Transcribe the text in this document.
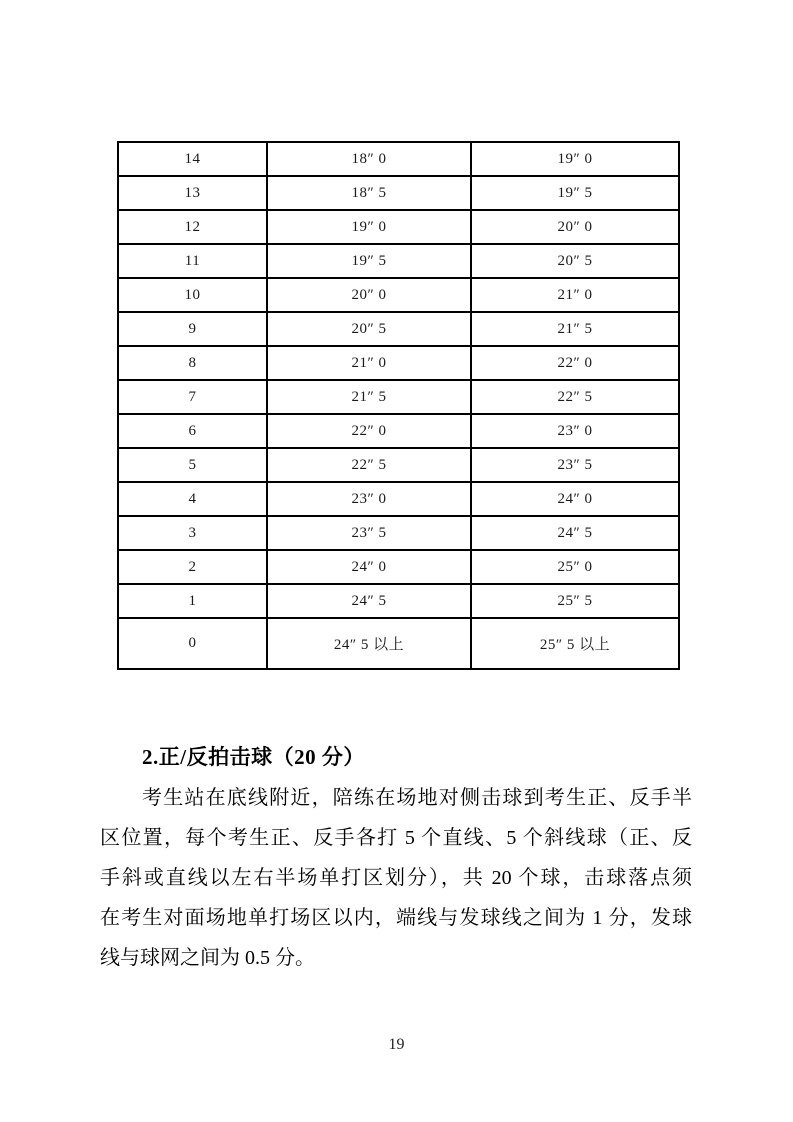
14	18″ 0	19″ 0
13	18″ 5	19″ 5
12	19″ 0	20″ 0
11	19″ 5	20″ 5
10	20″ 0	21″ 0
9	20″ 5	21″ 5
8	21″ 0	22″ 0
7	21″ 5	22″ 5
6	22″ 0	23″ 0
5	22″ 5	23″ 5
4	23″ 0	24″ 0
3	23″ 5	24″ 5
2	24″ 0	25″ 0
1	24″ 5	25″ 5
0	24″ 5 以上	25″ 5 以上
2.正/反拍击球（20 分）
考生站在底线附近，陪练在场地对侧击球到考生正、反手半
区位置，每个考生正、反手各打 5 个直线、5 个斜线球（正、反
手斜或直线以左右半场单打区划分），共 20 个球，击球落点须
在考生对面场地单打场区以内，端线与发球线之间为 1 分，发球
线与球网之间为 0.5 分。
19
